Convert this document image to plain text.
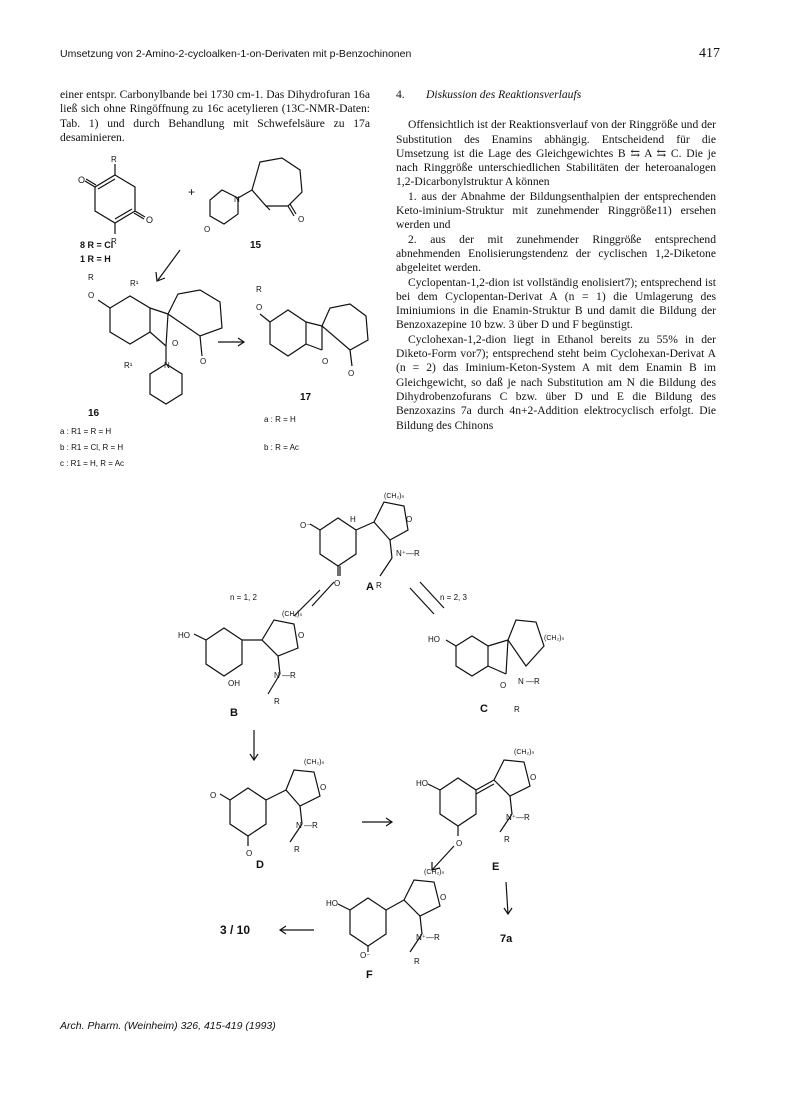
Umsetzung von 2-Amino-2-cycloalken-1-on-Derivaten mit p-Benzochinonen	417

einer entspr. Carbonylbande bei 1730 cm-1. Das Dihydrofuran 16a ließ sich ohne Ringöffnung zu 16c acetylieren (13C-NMR-Daten: Tab. 1) und durch Behandlung mit Schwefelsäure zu 17a desaminieren.

4. Diskussion des Reaktionsverlaufs

Offensichtlich ist der Reaktionsverlauf von der Ringgröße und der Substitution des Enamins abhängig. Entscheidend für die Umsetzung ist die Lage des Gleichgewichtes B ⇆ A ⇆ C. Die je nach Ringgröße unterschiedlichen Stabilitäten der heteroanalogen 1,2-Dicarbonylstruktur A können

1. aus der Abnahme der Bildungsenthalpien der entsprechenden Keto-iminium-Struktur mit zunehmender Ringgröße11) ersehen werden und

2. aus der mit zunehmender Ringgröße entsprechend abnehmenden Enolisierungstendenz der cyclischen 1,2-Diketone abgeleitet werden.

Cyclopentan-1,2-dion ist vollständig enolisiert7); entsprechend ist bei dem Cyclopentan-Derivat A (n = 1) die Umlagerung des Iminiumions in die Enamin-Struktur B und damit die Bildung der Benzoxazepine 10 bzw. 3 über D und F begünstigt.

Cyclohexan-1,2-dion liegt in Ethanol bereits zu 55% in der Diketo-Form vor7); entsprechend steht beim Cyclohexan-Derivat A (n = 2) das Iminium-Keton-System A mit dem Enamin B im Gleichgewicht, so daß je nach Substitution am N die Bildung des Dihydrobenzofurans C bzw. über D und E die Bildung des Benzoxazins 7a durch 4n+2-Addition elektrocyclisch erfolgt. Die Bildung des Chinons

R
R
O
O
8 R = Cl
1 R = H
+
O
N
O
15
O
R
R¹
O
N	O
R¹
16
a : R1 = R = H
b : R1 = Cl, R = H
c : R1 = H, R = Ac
O
R
O
O
17
a : R = H
b : R = Ac
O⁻
H
O
O
N⁺—R
(CH₂)ₙ
R
A
n = 1, 2	n = 2, 3
HO
OH
O
N —R
(CH₂)ₙ
R
B
HO
O N —R
(CH₂)ₙ
R
C
O
O
O
N —R
(CH₂)ₙ
R
D
HO
O
O
N⁺—R
(CH₂)ₙ
R
E
7a
HO
O⁻
O
N⁺—R
(CH₂)ₙ
R
F
3 / 10
Arch. Pharm. (Weinheim) 326, 415-419 (1993)
